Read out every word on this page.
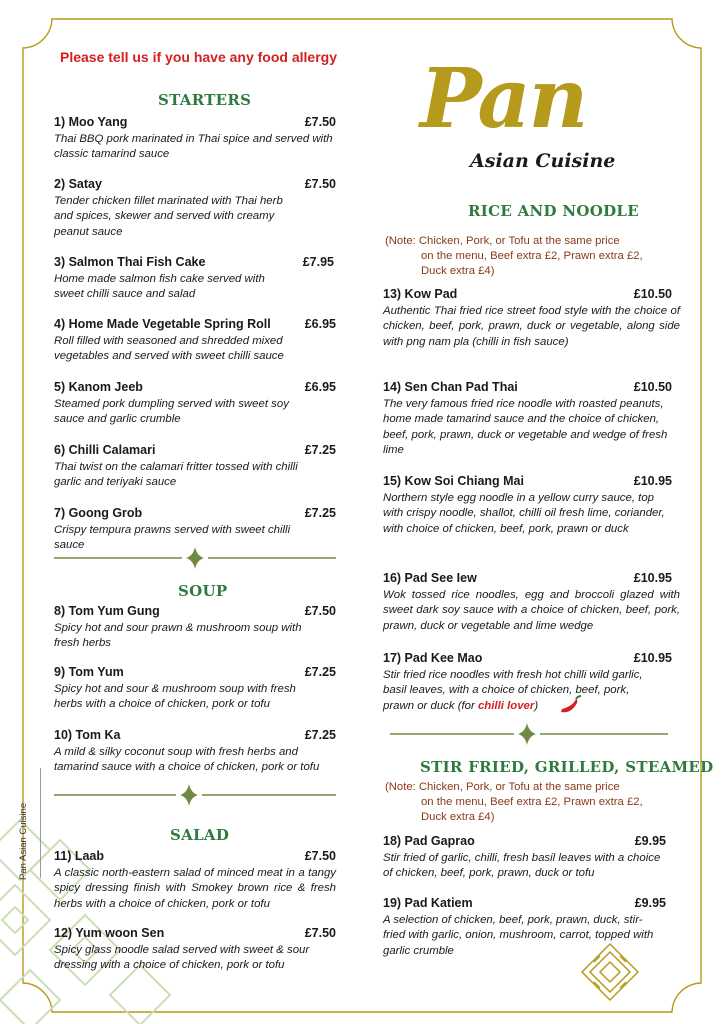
Please tell us if you have any food allergy Pan
Asian Cuisine
Pan Asian Cuisine
STARTERS
1) Moo Yang	£7.50
Thai BBQ pork marinated in Thai spice and served with classic tamarind sauce
2) Satay	£7.50
Tender chicken fillet marinated with Thai herb and spices, skewer and served with creamy peanut sauce
3) Salmon Thai Fish Cake	£7.95
Home made salmon fish cake served with sweet chilli sauce and salad
4) Home Made Vegetable Spring Roll	£6.95
Roll filled with seasoned and shredded mixed vegetables and served with sweet chilli sauce
5) Kanom Jeeb	£6.95
Steamed pork dumpling served with sweet soy sauce and garlic crumble
6) Chilli Calamari	£7.25
Thai twist on the calamari fritter tossed with chilli garlic and teriyaki sauce
7) Goong Grob	£7.25
Crispy tempura prawns served with sweet chilli sauce
SOUP
8) Tom Yum Gung	£7.50
Spicy hot and sour prawn & mushroom soup with fresh herbs
9) Tom Yum	£7.25
Spicy hot and sour & mushroom soup with fresh herbs with a choice of chicken, pork or tofu
10) Tom Ka	£7.25
A mild & silky coconut soup with fresh herbs and tamarind sauce with a choice of chicken, pork or tofu
SALAD
11) Laab	£7.50
A classic north-eastern salad of minced meat in a tangy spicy dressing finish with Smokey brown rice & fresh herbs with a choice of chicken, pork or tofu
12) Yum woon Sen	£7.50
Spicy glass noodle salad served with sweet & sour dressing with a choice of chicken, pork or tofu
RICE AND NOODLE
(Note: Chicken, Pork, or Tofu at the same price
on the menu, Beef extra £2, Prawn extra £2,
Duck extra £4)
13) Kow Pad	£10.50
Authentic Thai fried rice street food style with the choice of chicken, beef, pork, prawn, duck or vegetable, along side with png nam pla (chilli in fish sauce)
14) Sen Chan Pad Thai	£10.50
The very famous fried rice noodle with roasted peanuts, home made tamarind sauce and the choice of chicken, beef, pork, prawn, duck or vegetable and wedge of fresh lime
15) Kow Soi Chiang Mai	£10.95
Northern style egg noodle in a yellow curry sauce, top with crispy noodle, shallot, chilli oil fresh lime, coriander, with choice of chicken, beef, pork, prawn or duck
16) Pad See Iew	£10.95
Wok tossed rice noodles, egg and broccoli glazed with sweet dark soy sauce with a choice of chicken, beef, pork, prawn, duck or vegetable and lime wedge
17) Pad Kee Mao	£10.95
Stir fried rice noodles with fresh hot chilli wild garlic, basil leaves, with a choice of chicken, beef, pork, prawn or duck (for chilli lover)
STIR FRIED, GRILLED, STEAMED
(Note: Chicken, Pork, or Tofu at the same price
on the menu, Beef extra £2, Prawn extra £2,
Duck extra £4)
18) Pad Gaprao	£9.95
Stir fried of garlic, chilli, fresh basil leaves with a choice of chicken, beef, pork, prawn, duck or tofu
19) Pad Katiem	£9.95
A selection of chicken, beef, pork, prawn, duck, stir-fried with garlic, onion, mushroom, carrot, topped with garlic crumble
